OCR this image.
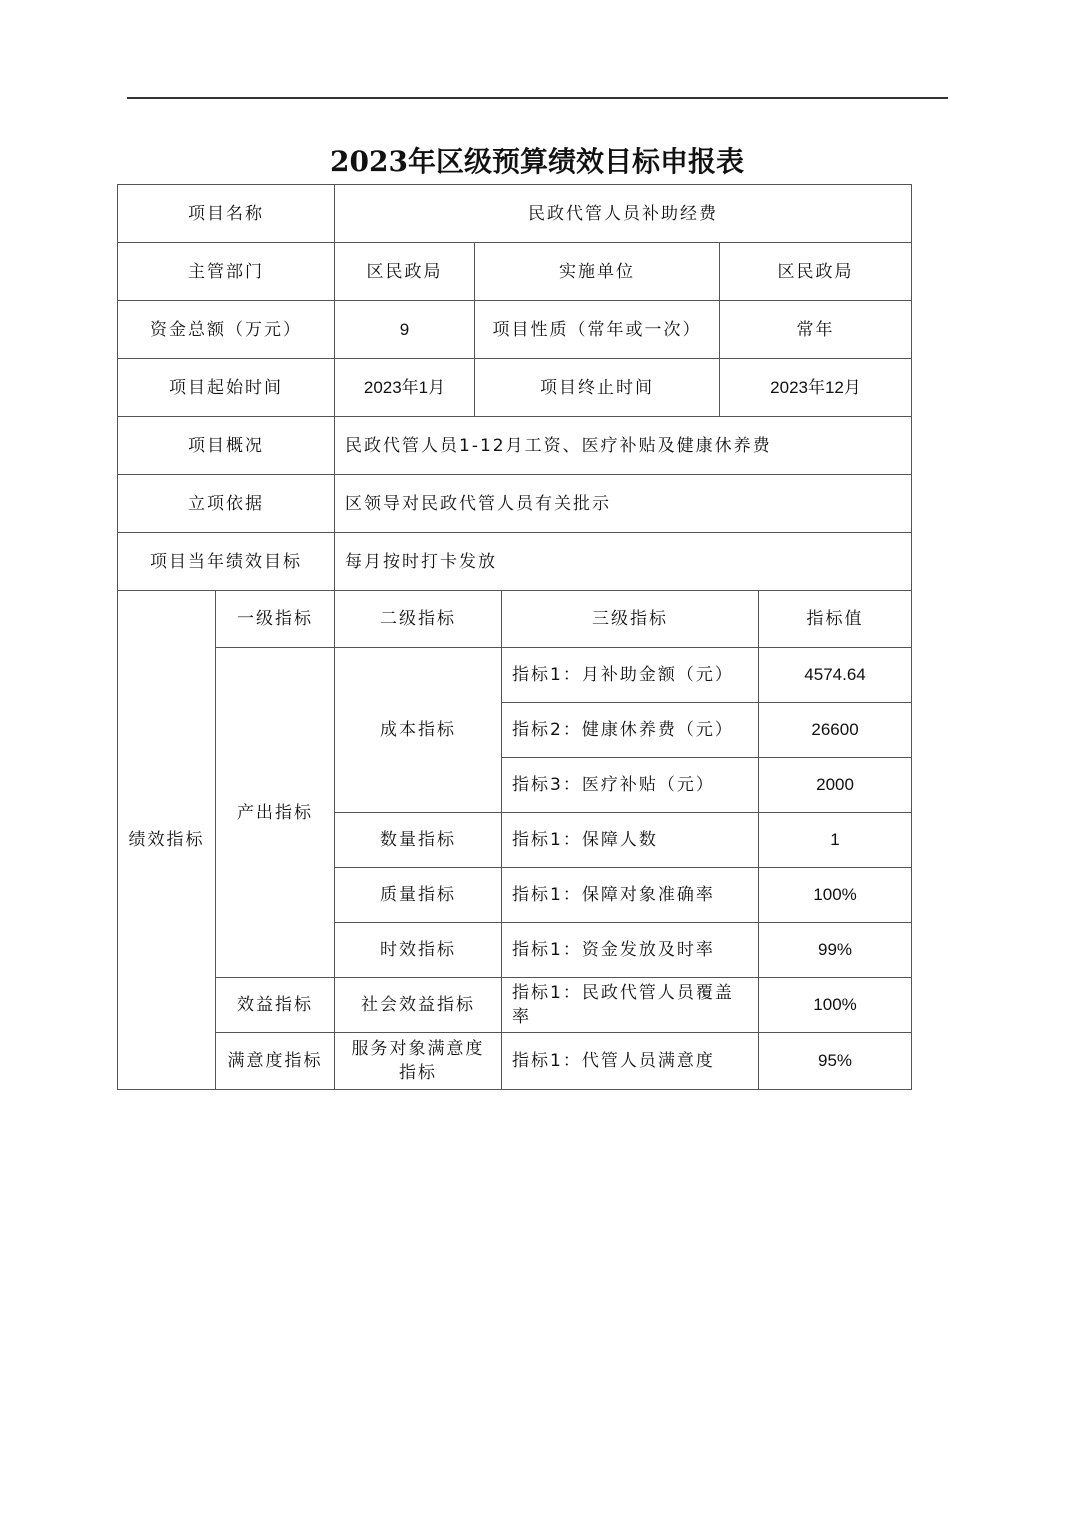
2023年区级预算绩效目标申报表
项目名称		民政代管人员补助经费				
主管部门		区民政局	实施单位		区民政局	
资金总额（万元）		9	项目性质（常年或一次）		常年	
项目起始时间		2023年1月	项目终止时间		2023年12月	
项目概况		民政代管人员1-12月工资、医疗补贴及健康休养费				
立项依据		区领导对民政代管人员有关批示				
项目当年绩效目标		每月按时打卡发放				
绩效指标	一级指标	二级指标		三级指标		指标值
	产出指标	成本指标		指标1：月补助金额（元）		4574.64
				指标2：健康休养费（元）		26600
				指标3：医疗补贴（元）		2000
		数量指标		指标1：保障人数		1
		质量指标		指标1：保障对象准确率		100%
		时效指标		指标1：资金发放及时率		99%
	效益指标	社会效益指标		指标1：民政代管人员覆盖率		100%
	满意度指标	服务对象满意度指标		指标1：代管人员满意度		95%
